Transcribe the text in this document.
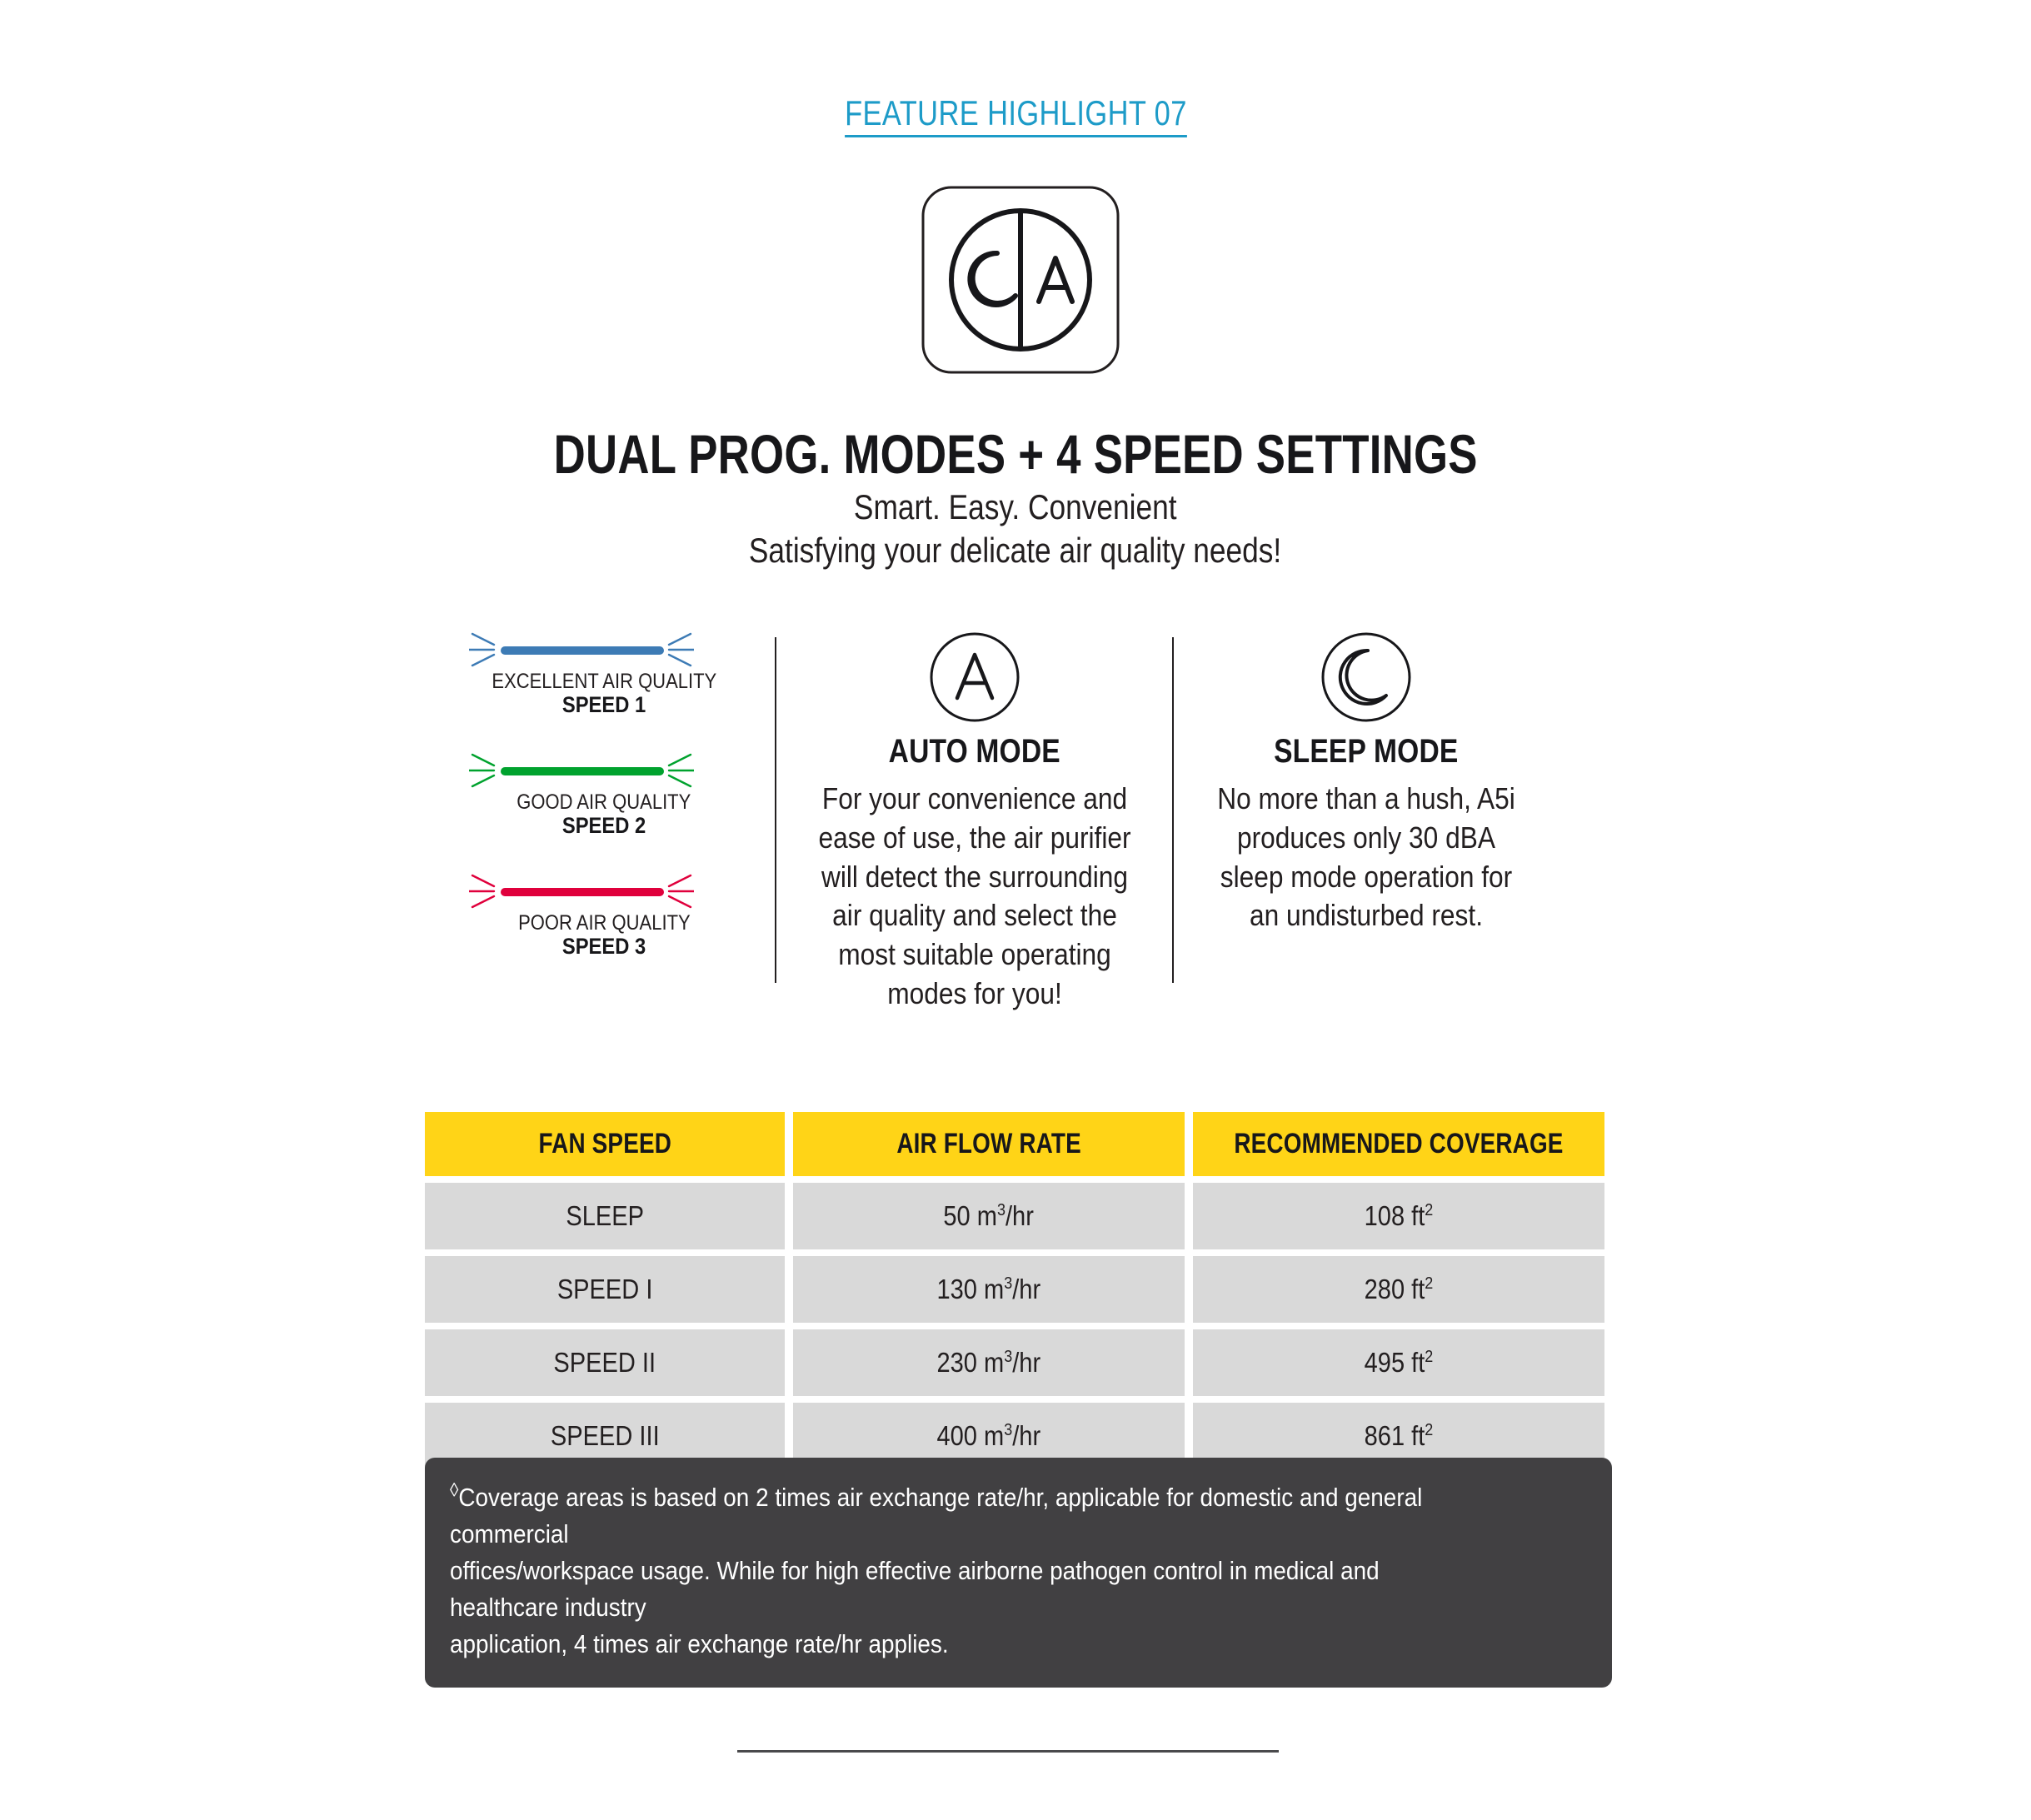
FEATURE HIGHLIGHT 07
DUAL PROG. MODES + 4 SPEED SETTINGS
Smart. Easy. Convenient
Satisfying your delicate air quality needs!
EXCELLENT AIR QUALITY
SPEED 1
GOOD AIR QUALITY
SPEED 2
POOR AIR QUALITY
SPEED 3
AUTO MODE
For your convenience and
ease of use, the air purifier
will detect the surrounding
air quality and select the
most suitable operating
modes for you!
SLEEP MODE
No more than a hush, A5i
produces only 30 dBA
sleep mode operation for
an undisturbed rest.
FAN SPEED	AIR FLOW RATE	RECOMMENDED COVERAGE
SLEEP	50 $m^3/hr$	108 $ft^2$
SPEED I	130 $m^3/hr$	280 $ft^2$
SPEED II	230 $m^3/hr$	495 $ft^2$
SPEED III	400 $m^3/hr$	861 $ft^2$

◊Coverage areas is based on 2 times air exchange rate/hr, applicable for domestic and general commercial

offices/workspace usage. While for high effective airborne pathogen control in medical and healthcare industry

application, 4 times air exchange rate/hr applies.
